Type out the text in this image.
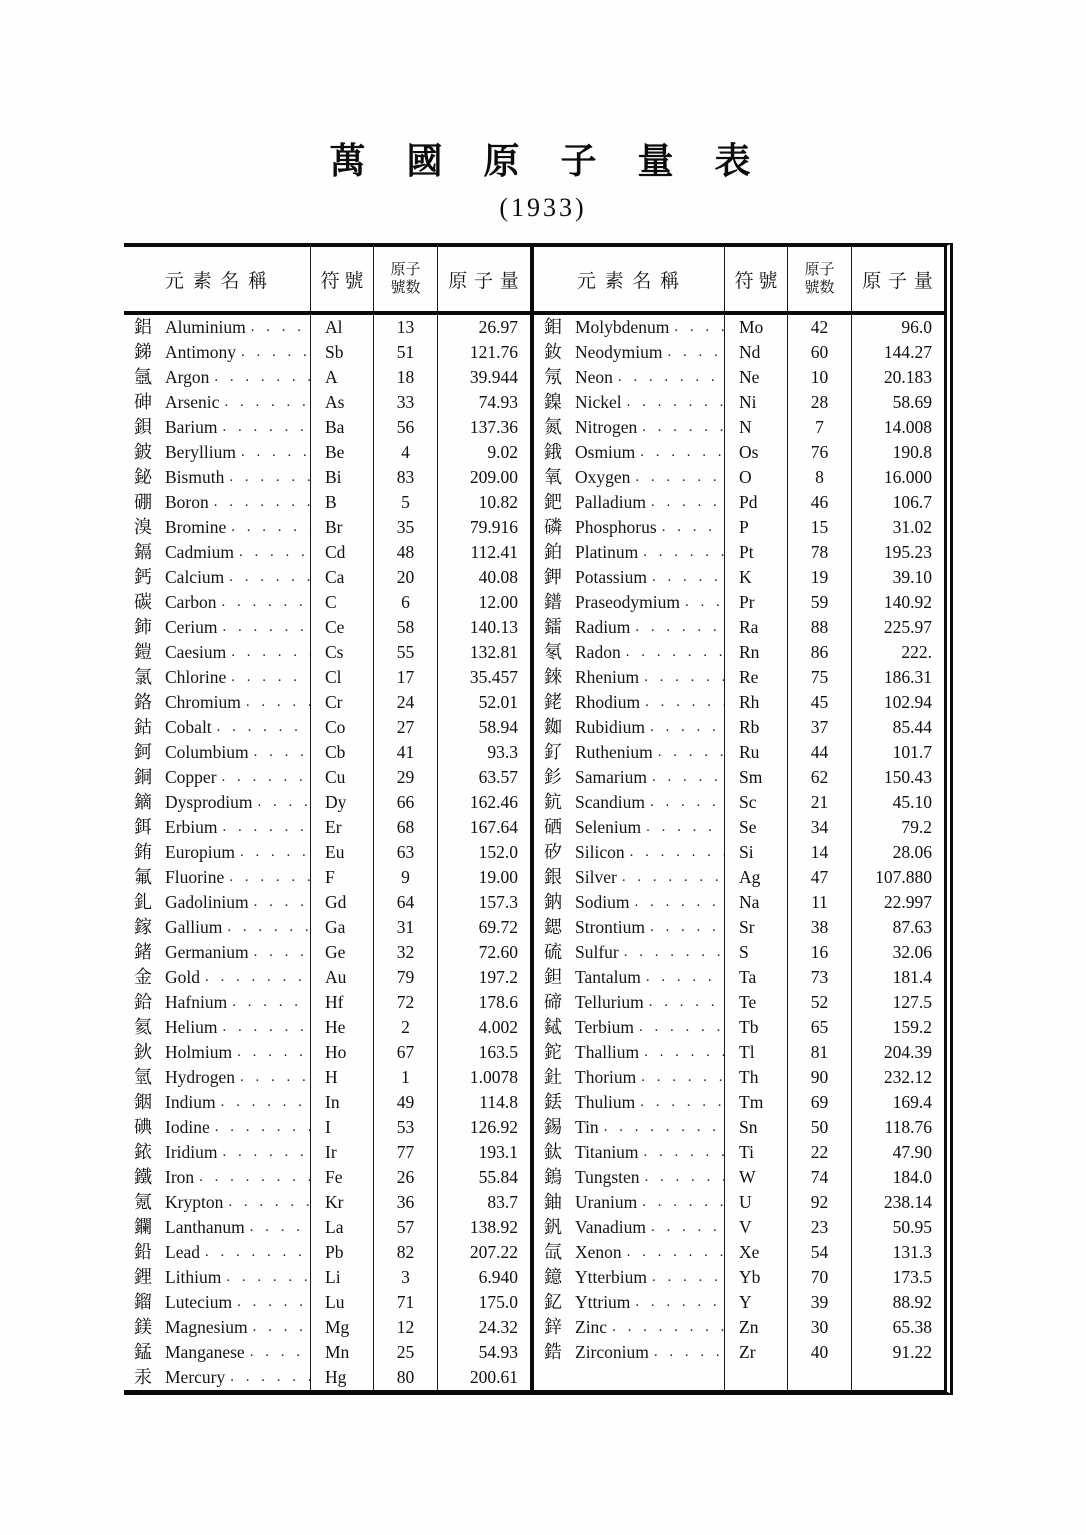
萬 國 原 子 量 表
(1933)
元 素 名 稱	符 號
原子
號数	原 子 量	元 素 名 稱	符 號
原子
號数	原 子 量
鋁 Aluminium . . .	Al	13	26.97
銻 Antimony . . .	Sb	51	121.76
氬 Argon . . .	A	18	39.944
砷 Arsenic . . .	As	33	74.93
鋇 Barium . . .	Ba	56	137.36
鈹 Beryllium . . .	Be	4	9.02
鉍 Bismuth . . .	Bi	83	209.00
硼 Boron . . .	B	5	10.82
溴 Bromine . . .	Br	35	79.916
鎘 Cadmium . . .	Cd	48	112.41
鈣 Calcium . . .	Ca	20	40.08
碳 Carbon . . .	C	6	12.00
鈰 Cerium . . .	Ce	58	140.13
鎧 Caesium . . .	Cs	55	132.81
氯 Chlorine . . .	Cl	17	35.457
鉻 Chromium . . .	Cr	24	52.01
鈷 Cobalt . . .	Co	27	58.94
鈳 Columbium . . .	Cb	41	93.3
銅 Copper . . .	Cu	29	63.57
鏑 Dysprodium . . .	Dy	66	162.46
鉺 Erbium . . .	Er	68	167.64
銪 Europium . . .	Eu	63	152.0
氟 Fluorine . . .	F	9	19.00
釓 Gadolinium . . .	Gd	64	157.3
鎵 Gallium . . .	Ga	31	69.72
鍺 Germanium . . .	Ge	32	72.60
金 Gold . . .	Au	79	197.2
鉿 Hafnium . . .	Hf	72	178.6
氦 Helium . . .	He	2	4.002
鈥 Holmium . . .	Ho	67	163.5
氫 Hydrogen . . .	H	1	1.0078
銦 Indium . . .	In	49	114.8
碘 Iodine . . .	I	53	126.92
銥 Iridium . . .	Ir	77	193.1
鐵 Iron . . .	Fe	26	55.84
氪 Krypton . . .	Kr	36	83.7
鑭 Lanthanum . . .	La	57	138.92
鉛 Lead . . .	Pb	82	207.22
鋰 Lithium . . .	Li	3	6.940
鎦 Lutecium . . .	Lu	71	175.0
鎂 Magnesium . . .	Mg	12	24.32
錳 Manganese . . .	Mn	25	54.93
汞 Mercury . . .	Hg	80	200.61
鉬 Molybdenum . . .	Mo	42	96.0
釹 Neodymium . . .	Nd	60	144.27
氖 Neon . . .	Ne	10	20.183
鎳 Nickel . . .	Ni	28	58.69
氮 Nitrogen . . .	N	7	14.008
鋨 Osmium . . .	Os	76	190.8
氧 Oxygen . . .	O	8	16.000
鈀 Palladium . . .	Pd	46	106.7
磷 Phosphorus . . .	P	15	31.02
鉑 Platinum . . .	Pt	78	195.23
鉀 Potassium . . .	K	19	39.10
鐠 Praseodymium . . .	Pr	59	140.92
鐳 Radium . . .	Ra	88	225.97
氡 Radon . . .	Rn	86	222.
錸 Rhenium . . .	Re	75	186.31
銠 Rhodium . . .	Rh	45	102.94
銣 Rubidium . . .	Rb	37	85.44
釕 Ruthenium . . .	Ru	44	101.7
釤 Samarium . . .	Sm	62	150.43
鈧 Scandium . . .	Sc	21	45.10
硒 Selenium . . .	Se	34	79.2
矽 Silicon . . .	Si	14	28.06
銀 Silver . . .	Ag	47	107.880
鈉 Sodium . . .	Na	11	22.997
鍶 Strontium . . .	Sr	38	87.63
硫 Sulfur . . .	S	16	32.06
鉭 Tantalum . . .	Ta	73	181.4
碲 Tellurium . . .	Te	52	127.5
鋱 Terbium . . .	Tb	65	159.2
鉈 Thallium . . .	Tl	81	204.39
釷 Thorium . . .	Th	90	232.12
銩 Thulium . . .	Tm	69	169.4
錫 Tin . . .	Sn	50	118.76
鈦 Titanium . . .	Ti	22	47.90
鎢 Tungsten . . .	W	74	184.0
鈾 Uranium . . .	U	92	238.14
釩 Vanadium . . .	V	23	50.95
氙 Xenon . . .	Xe	54	131.3
鐿 Ytterbium . . .	Yb	70	173.5
釔 Yttrium . . .	Y	39	88.92
鋅 Zinc . . .	Zn	30	65.38
鋯 Zirconium . . .	Zr	40	91.22
